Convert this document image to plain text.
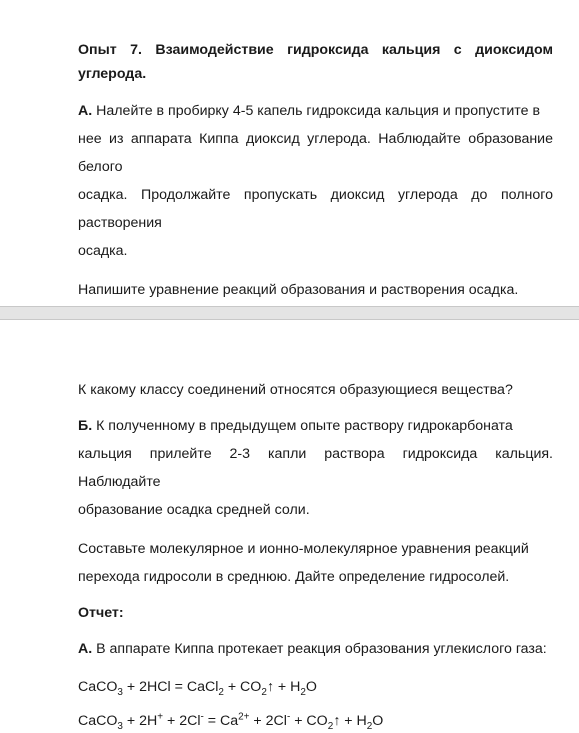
Опыт 7. Взаимодействие гидроксида кальция с диоксидом углерода.

А. Налейте в пробирку 4-5 капель гидроксида кальция и пропустите в
нее из аппарата Киппа диоксид углерода. Наблюдайте образование белого
осадка. Продолжайте пропускать диоксид углерода до полного растворения
осадка.

Напишите уравнение реакций образования и растворения осадка.

К какому классу соединений относятся образующиеся вещества?

Б. К полученному в предыдущем опыте раствору гидрокарбоната
кальция прилейте 2-3 капли раствора гидроксида кальция. Наблюдайте
образование осадка средней соли.

Составьте молекулярное и ионно-молекулярное уравнения реакций
перехода гидросоли в среднюю. Дайте определение гидросолей.

Отчет:

А. В аппарате Киппа протекает реакция образования углекислого газа:

CaCO$_3$ + 2HCl = CaCl$_2$ + $CO_2↑ + H_2O$

CaCO$_3$ + $2H^+ + 2Cl^- = Ca^{2+} + 2Cl^-$ + $CO_2↑ + H_2O$
